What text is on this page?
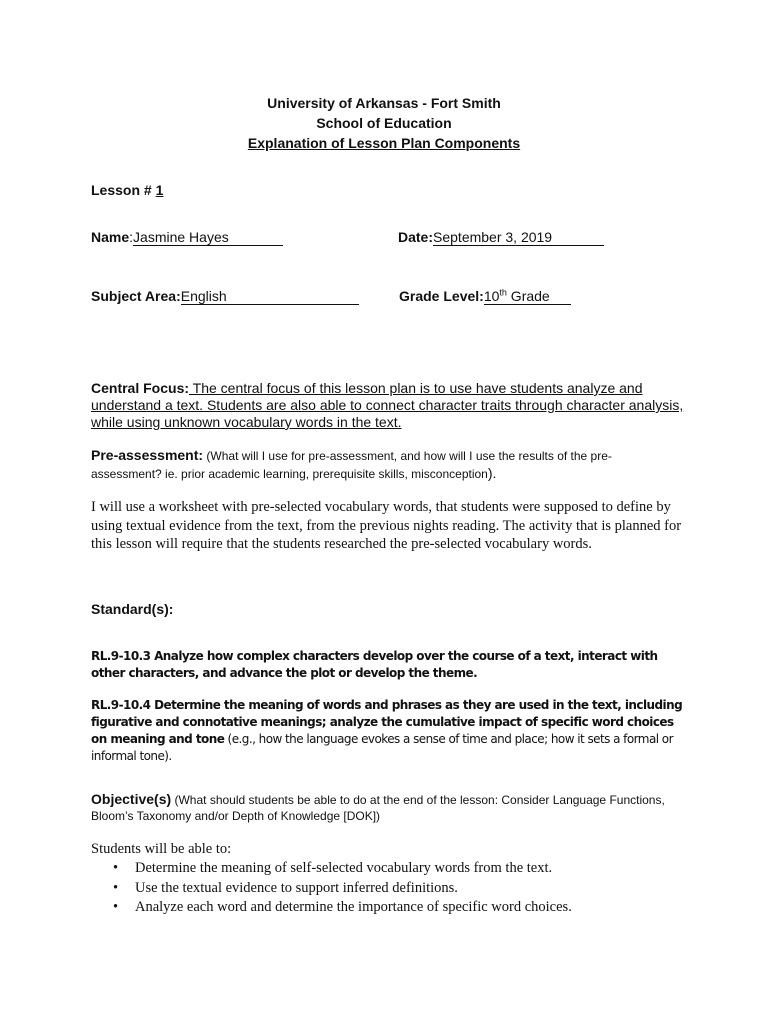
University of Arkansas - Fort Smith
School of Education
Explanation of Lesson Plan Components
Lesson # 1
Name:Jasmine Hayes	Date:September 3, 2019
Subject Area:English	Grade Level:10th Grade
Central Focus: The central focus of this lesson plan is to use have students analyze and understand a text. Students are also able to connect character traits through character analysis, while using unknown vocabulary words in the text.
Pre-assessment: (What will I use for pre-assessment, and how will I use the results of the pre-assessment? ie. prior academic learning, prerequisite skills, misconception).
I will use a worksheet with pre-selected vocabulary words, that students were supposed to define by using textual evidence from the text, from the previous nights reading. The activity that is planned for this lesson will require that the students researched the pre-selected vocabulary words.
Standard(s):
RL.9-10.3 Analyze how complex characters develop over the course of a text, interact with other characters, and advance the plot or develop the theme.
RL.9-10.4 Determine the meaning of words and phrases as they are used in the text, including figurative and connotative meanings; analyze the cumulative impact of specific word choices on meaning and tone (e.g., how the language evokes a sense of time and place; how it sets a formal or informal tone).
Objective(s) (What should students be able to do at the end of the lesson: Consider Language Functions, Bloom’s Taxonomy and/or Depth of Knowledge [DOK])
Students will be able to:
• Determine the meaning of self-selected vocabulary words from the text.
• Use the textual evidence to support inferred definitions.
• Analyze each word and determine the importance of specific word choices.
